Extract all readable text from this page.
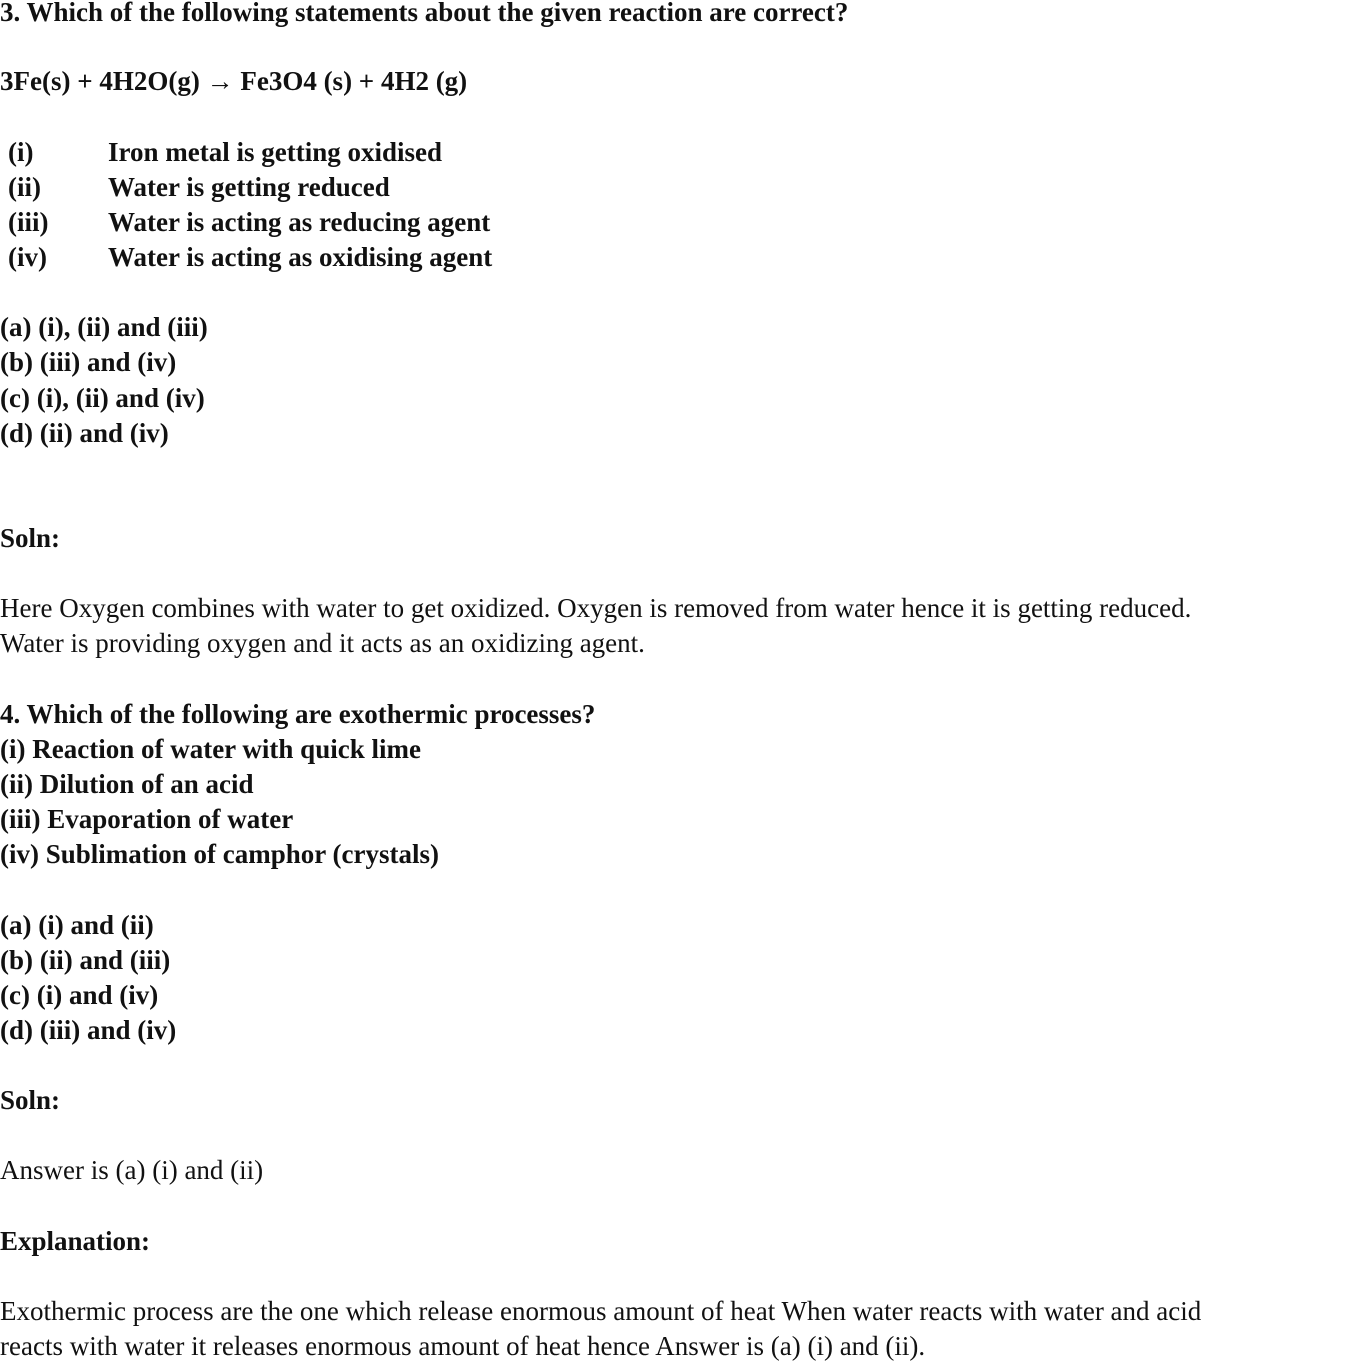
3. Which of the following statements about the given reaction are correct?
3Fe(s) + 4H2O(g) → Fe3O4 (s) + 4H2 (g)
(i)	Iron metal is getting oxidised
(ii) Water is getting reduced
(iii) Water is acting as reducing agent
(iv) Water is acting as oxidising agent
(a) (i), (ii) and (iii)
(b) (iii) and (iv)
(c) (i), (ii) and (iv)
(d) (ii) and (iv)
Soln:
Here Oxygen combines with water to get oxidized. Oxygen is removed from water hence it is getting reduced.
Water is providing oxygen and it acts as an oxidizing agent.
4. Which of the following are exothermic processes?
(i) Reaction of water with quick lime
(ii) Dilution of an acid
(iii) Evaporation of water
(iv) Sublimation of camphor (crystals)
(a) (i) and (ii)
(b) (ii) and (iii)
(c) (i) and (iv)
(d) (iii) and (iv)
Soln:
Answer is (a) (i) and (ii)
Explanation:
Exothermic process are the one which release enormous amount of heat When water reacts with water and acid
reacts with water it releases enormous amount of heat hence Answer is (a) (i) and (ii).
